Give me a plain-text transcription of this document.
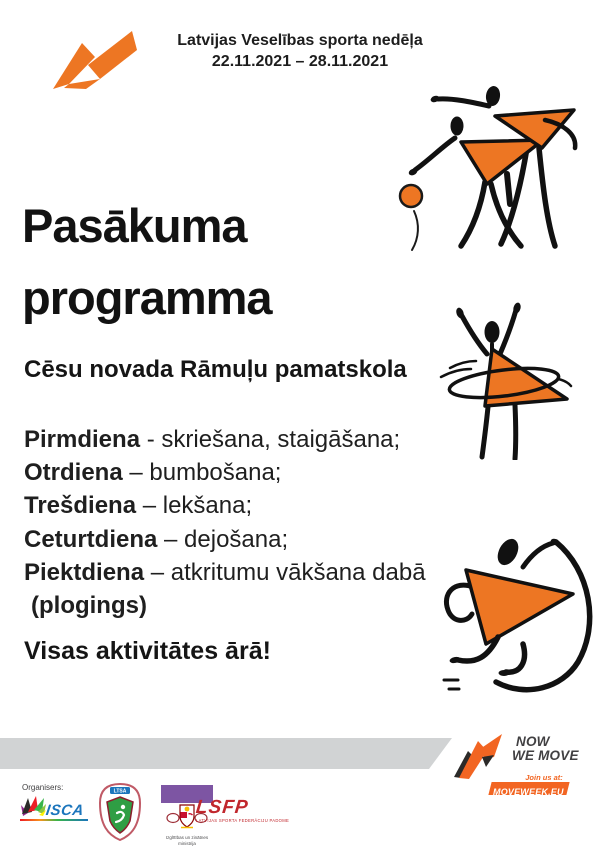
Latvijas Veselības sporta nedēļa
22.11.2021 – 28.11.2021
Pasākuma
programma
Cēsu novada Rāmuļu pamatskola
Pirmdiena - skriešana, staigāšana;
Otrdiena – bumbošana;
Trešdiena – lekšana;
Ceturtdiena – dejošana;
Piektdiena – atkritumu vākšana dabā
(plogings)
Visas aktivitātes ārā!
NOW
WE MOVE
Join us at:
MOVEWEEK.EU
Organisers:
ISCA
LTSA
Izglītības un zinātnes
ministrija
LSFP
LATVIJAS SPORTA FEDERĀCIJU PADOME
